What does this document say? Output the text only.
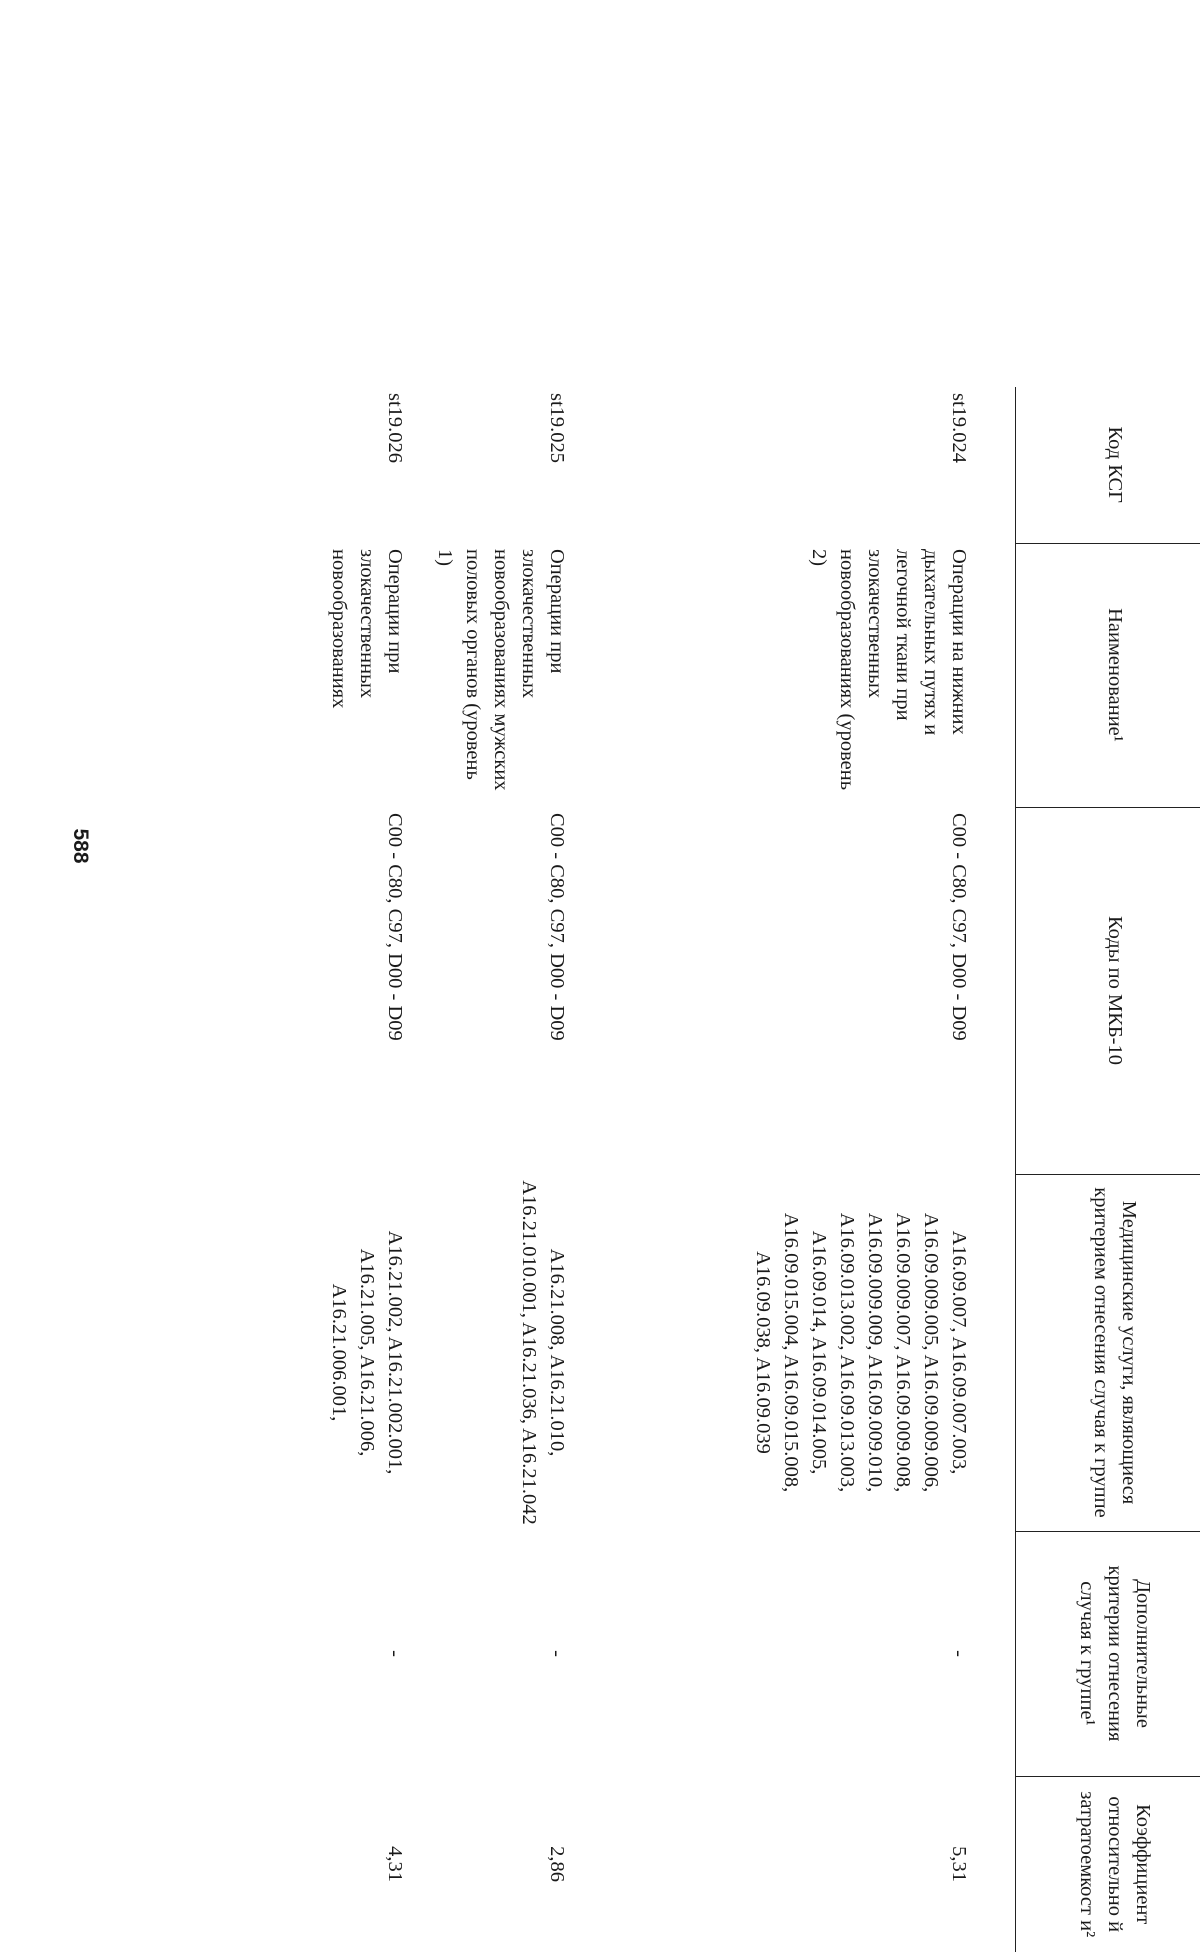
588
Код КСГ	Наименование¹	Коды по МКБ-10	Медицинские услуги, являющиеся критерием отнесения случая к группе	Дополнительные критерии отнесения случая к группе¹	Коэффициент относительно й затратоемкост и²
st19.024	Операции на нижних дыхательных путях и легочной ткани при злокачественных новообразованиях (уровень 2)	C00 - C80, C97, D00 - D09	A16.09.007, A16.09.007.003, A16.09.009.005, A16.09.009.006, A16.09.009.007, A16.09.009.008, A16.09.009.009, A16.09.009.010, A16.09.013.002, A16.09.013.003, A16.09.014, A16.09.014.005, A16.09.015.004, A16.09.015.008, A16.09.038, A16.09.039	-	5,31
st19.025	Операции при злокачественных новообразованиях мужских половых органов (уровень 1)	C00 - C80, C97, D00 - D09	A16.21.008, A16.21.010, A16.21.010.001, A16.21.036, A16.21.042	-	2,86
st19.026	Операции при злокачественных новообразованиях	C00 - C80, C97, D00 - D09	A16.21.002, A16.21.002.001, A16.21.005, A16.21.006, A16.21.006.001,	-	4,31
